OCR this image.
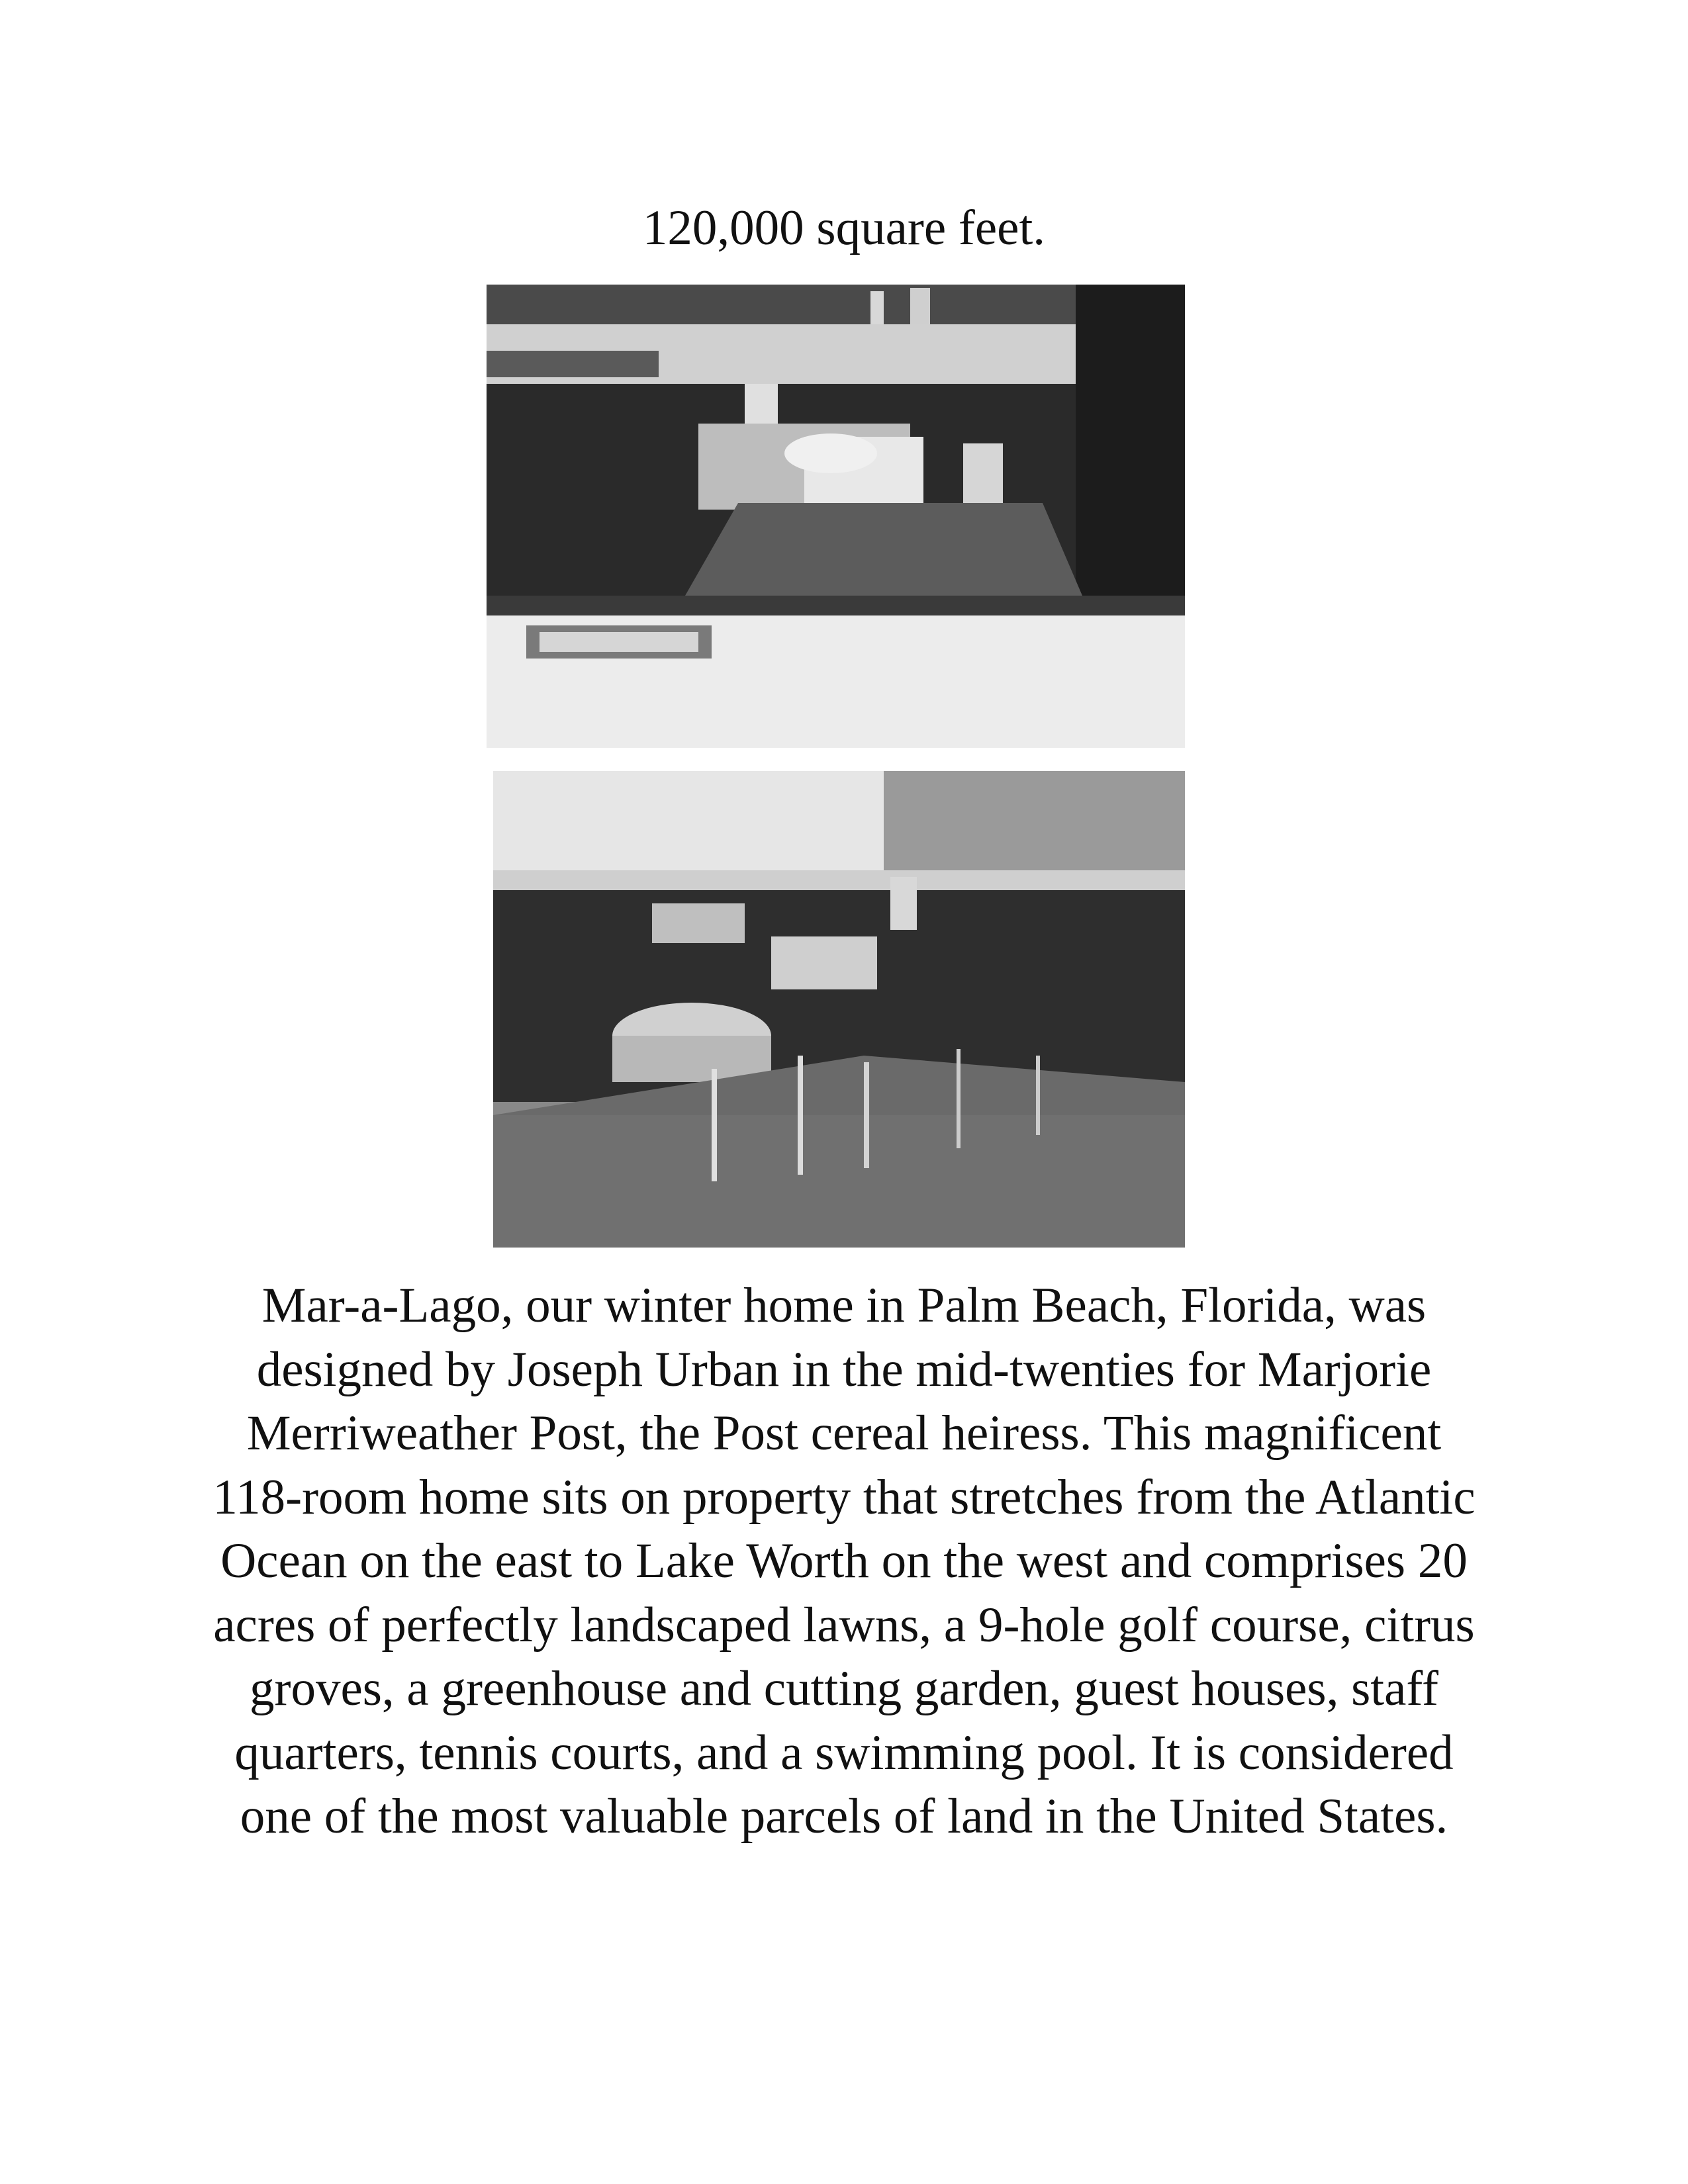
120,000 square feet.
Mar-a-Lago, our winter home in Palm Beach, Florida, was designed by Joseph Urban in the mid-twenties for Marjorie Merriweather Post, the Post cereal heiress. This magnificent 118-room home sits on property that stretches from the Atlantic Ocean on the east to Lake Worth on the west and comprises 20 acres of perfectly landscaped lawns, a 9-hole golf course, citrus groves, a greenhouse and cutting garden, guest houses, staff quarters, tennis courts, and a swimming pool. It is considered one of the most valuable parcels of land in the United States.
